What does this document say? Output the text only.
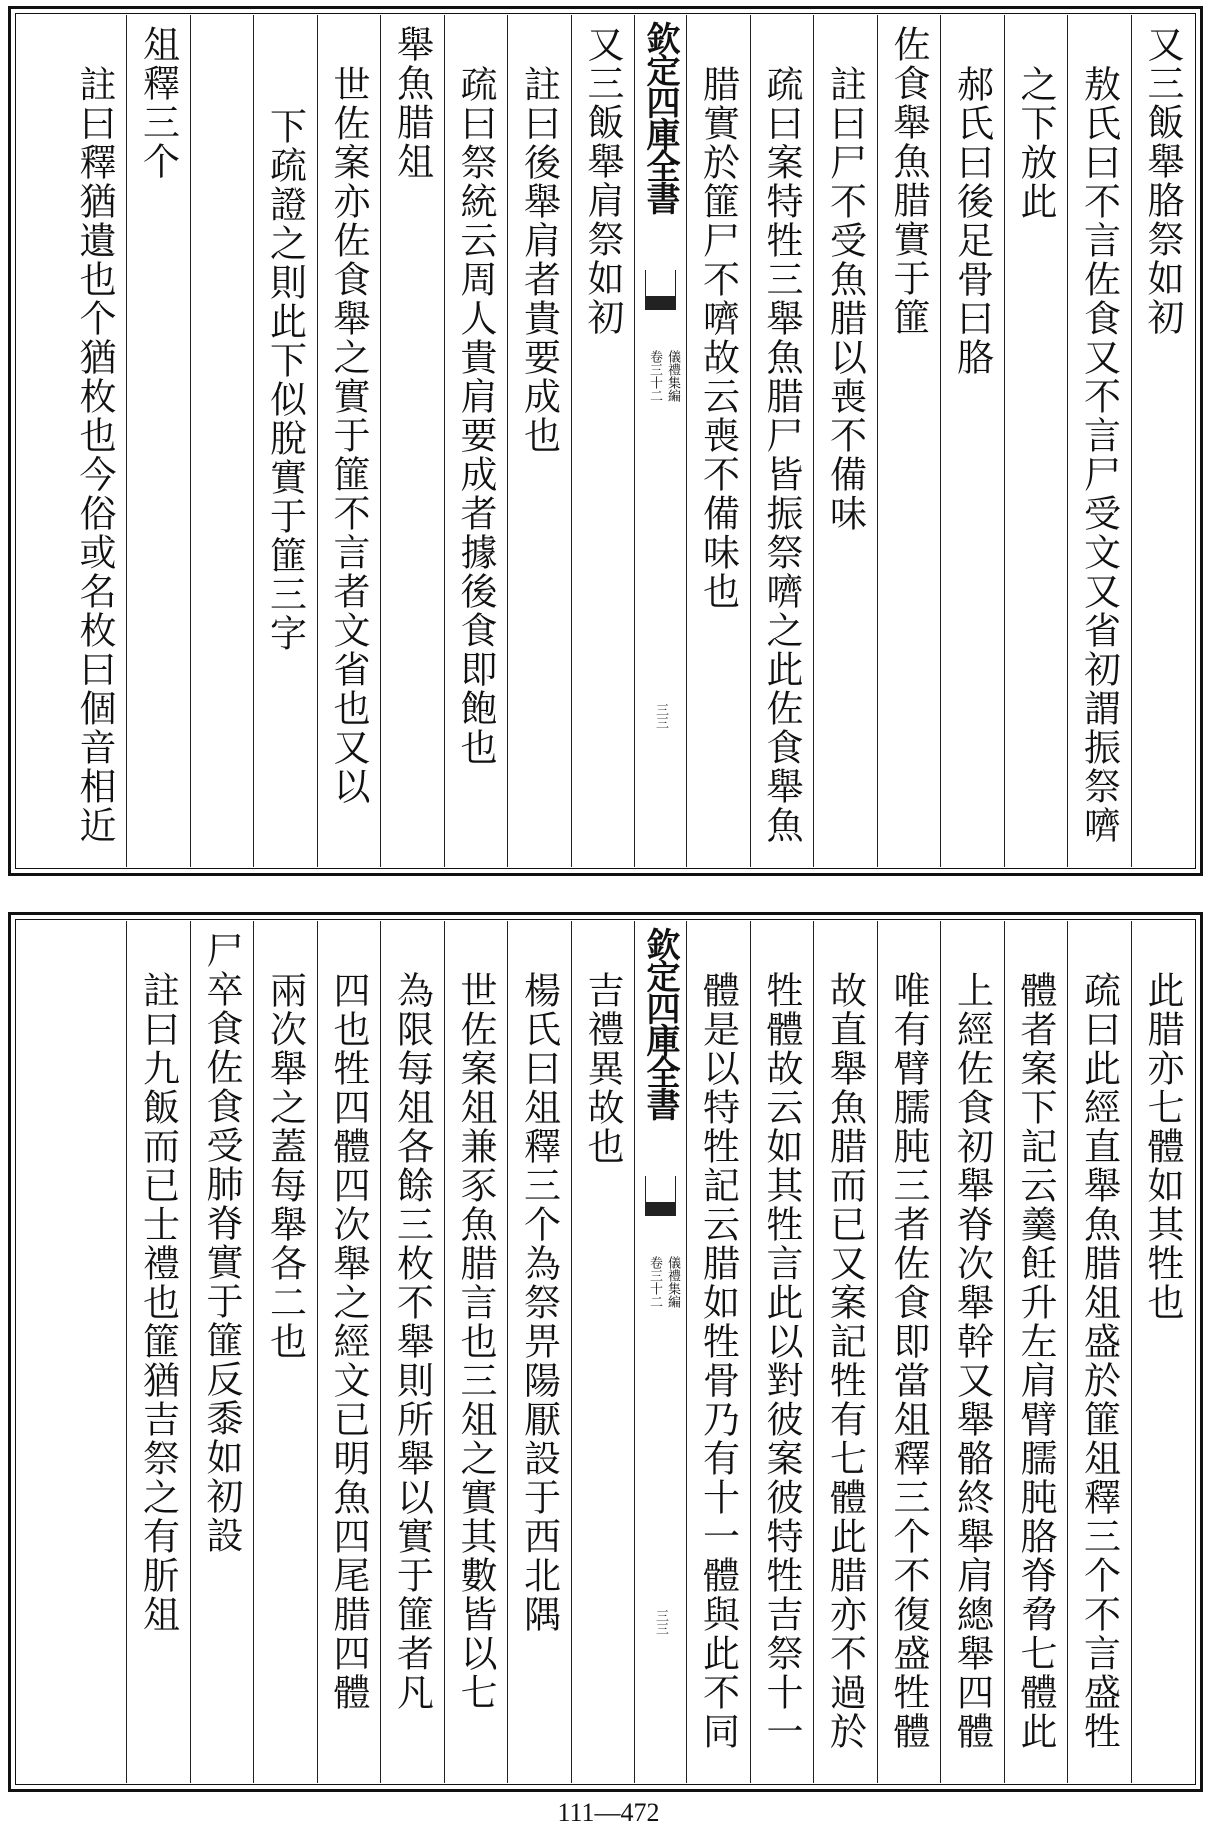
又三飯舉胳祭如初
敖氏曰不言佐食又不言尸受文又省初謂振祭嚌
之下放此
郝氏曰後足骨曰胳
佐食舉魚腊實于篚
註曰尸不受魚腊以喪不備味
疏曰案特牲三舉魚腊尸皆振祭嚌之此佐食舉魚
腊實於篚尸不嚌故云喪不備味也
欽定四庫全書
儀禮集編
卷三十二
三三
又三飯舉肩祭如初
註曰後舉肩者貴要成也
疏曰祭統云周人貴肩要成者據後食即飽也
舉魚腊俎
世佐案亦佐食舉之實于篚不言者文省也又以
下疏證之則此下似脫實于篚三字
俎釋三个
註曰釋猶遺也个猶枚也今俗或名枚曰個音相近
此腊亦七體如其牲也
疏曰此經直舉魚腊俎盛於篚俎釋三个不言盛牲
體者案下記云羹飪升左肩臂臑肫胳脊脅七體此
上經佐食初舉脊次舉幹又舉骼終舉肩總舉四體
唯有臂臑肫三者佐食即當俎釋三个不復盛牲體
故直舉魚腊而已又案記牲有七體此腊亦不過於
牲體故云如其牲言此以對彼案彼特牲吉祭十一
體是以特牲記云腊如牲骨乃有十一體與此不同
欽定四庫全書
儀禮集編
卷三十二
三三
吉禮異故也
楊氏曰俎釋三个為祭畀陽厭設于西北隅
世佐案俎兼豕魚腊言也三俎之實其數皆以七
為限每俎各餘三枚不舉則所舉以實于篚者凡
四也牲四體四次舉之經文已明魚四尾腊四體
兩次舉之蓋每舉各二也
尸卒食佐食受肺脊實于篚反黍如初設
註曰九飯而已士禮也篚猶吉祭之有肵俎
111—472
